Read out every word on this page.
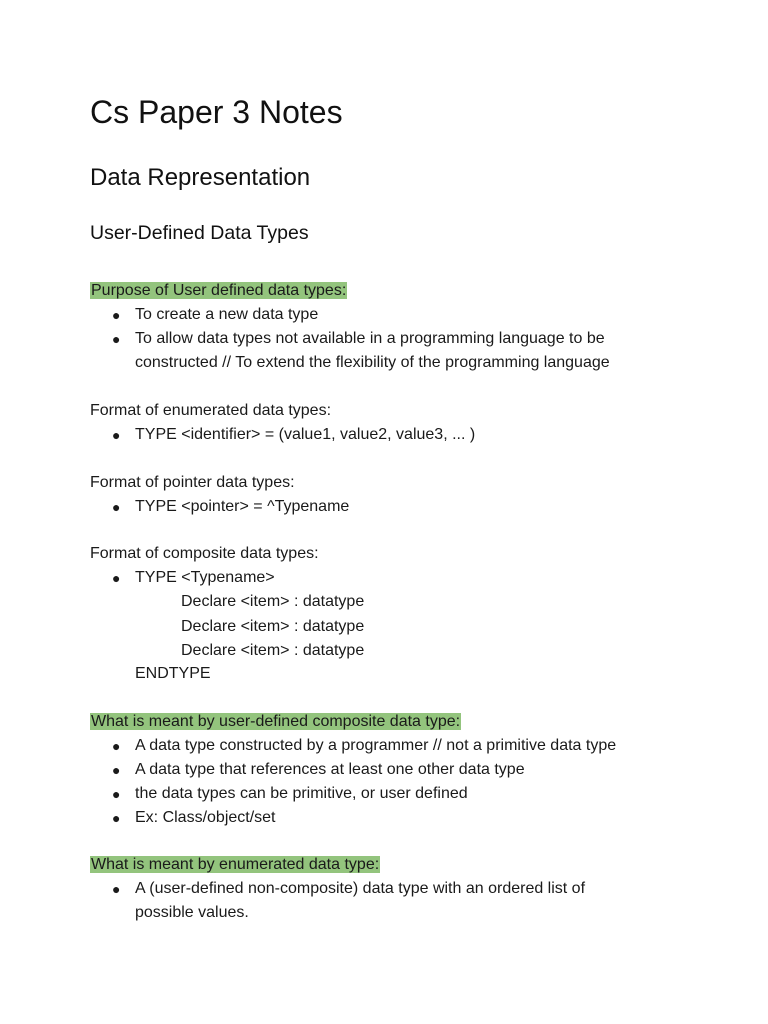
Cs Paper 3 Notes
Data Representation
User-Defined Data Types
Purpose of User defined data types:
● To create a new data type
● To allow data types not available in a programming language to be
constructed // To extend the flexibility of the programming language
Format of enumerated data types:
● TYPE <identifier> = (value1, value2, value3, ... )
Format of pointer data types:
● TYPE <pointer> = ^Typename
Format of composite data types:
● TYPE <Typename>
Declare <item> : datatype
Declare <item> : datatype
Declare <item> : datatype
ENDTYPE
What is meant by user-defined composite data type:
● A data type constructed by a programmer // not a primitive data type
● A data type that references at least one other data type
● the data types can be primitive, or user defined
● Ex: Class/object/set
What is meant by enumerated data type:
● A (user-defined non-composite) data type with an ordered list of
possible values.
